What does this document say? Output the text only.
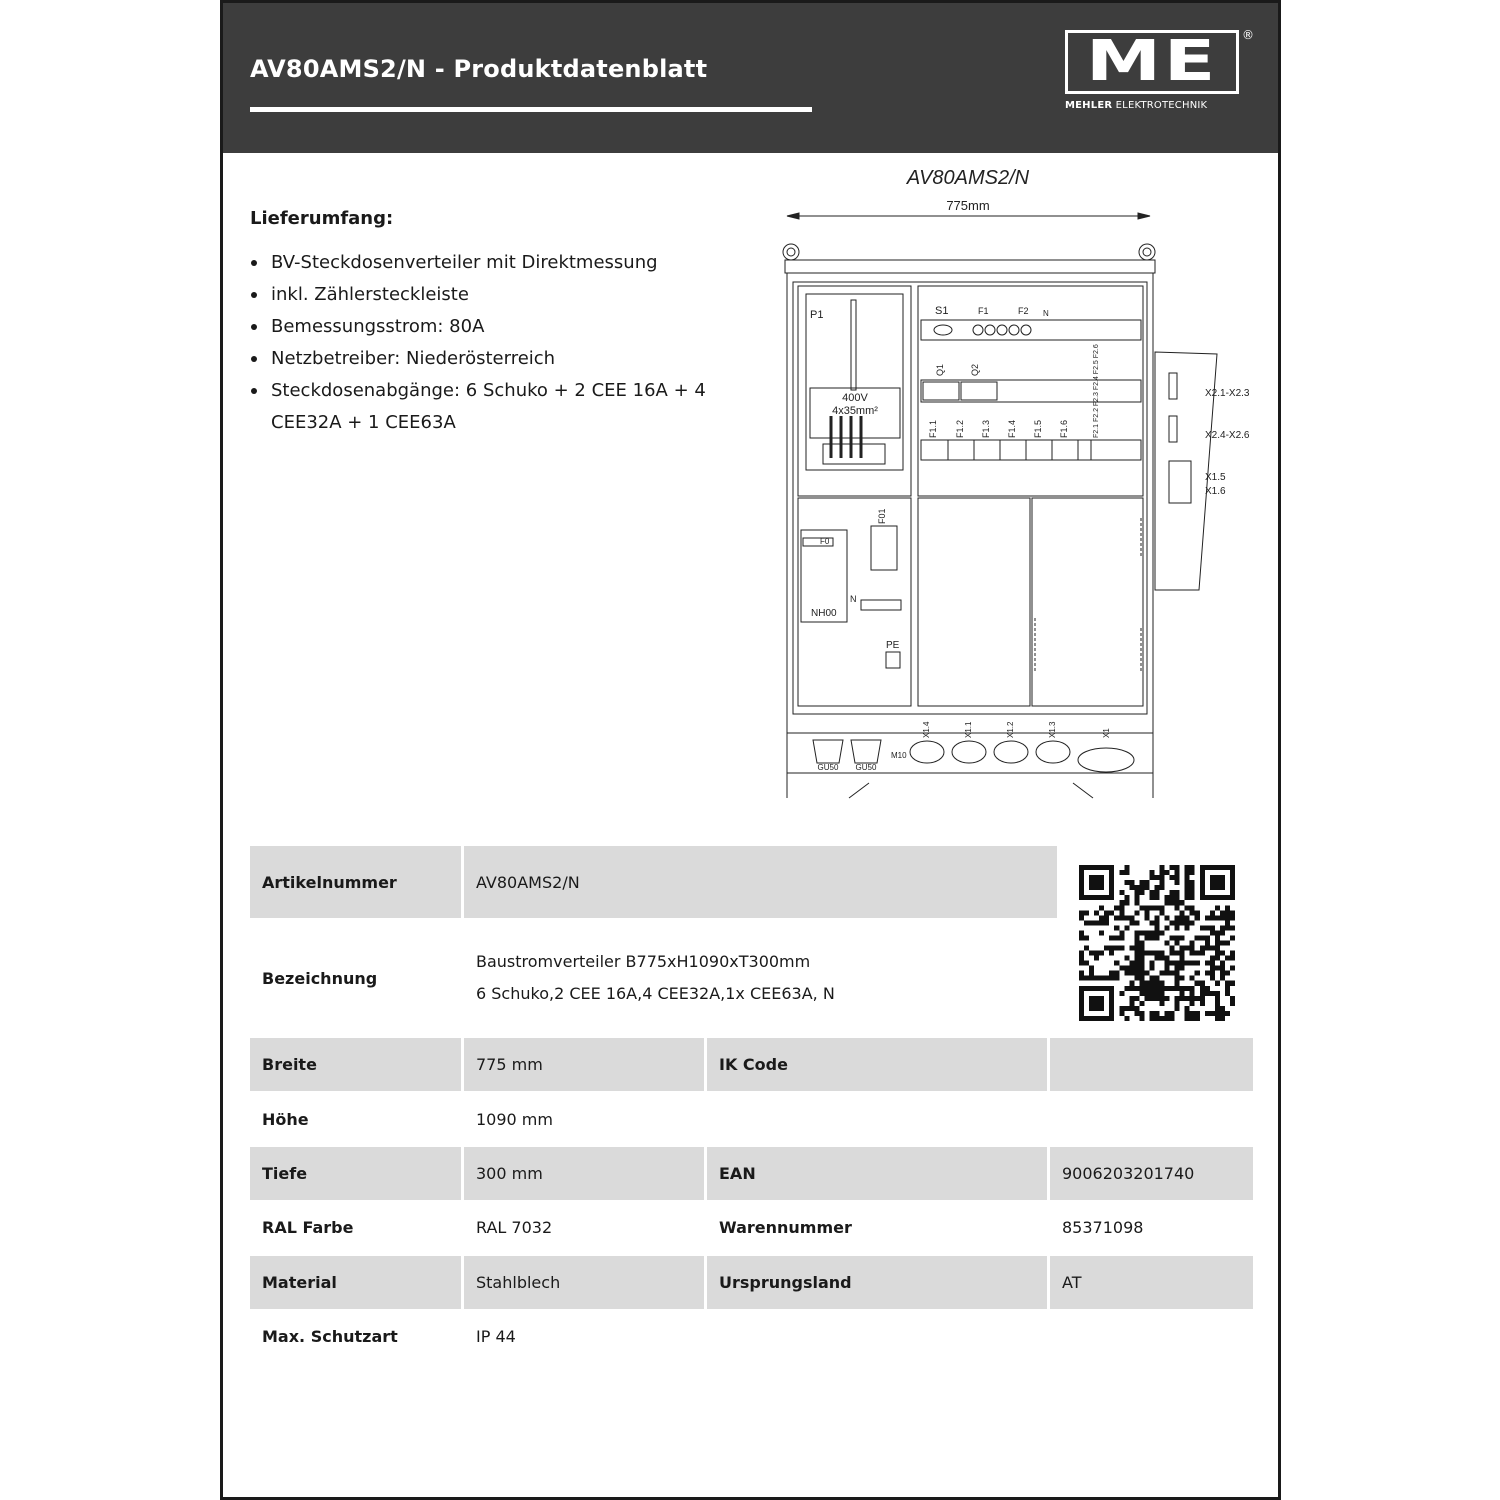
AV80AMS2/N - Produktdatenblatt	ME ®
MEHLER ELEKTROTECHNIK
Lieferumfang:
BV-Steckdosenverteiler mit Direktmessung
inkl. Zählersteckleiste
Bemessungsstrom: 80A
Netzbetreiber: Niederösterreich
Steckdosenabgänge: 6 Schuko + 2 CEE 16A + 4 CEE32A + 1 CEE63A
AV80AMS2/N
775mm
P1
400V
4x35mm²
S1	F1	F2 N
Q1	Q2
F1.1 F1.2 F1.3 F1.4 F1.5 F1.6	F2.1 F2.2 F2.3 F2.4 F2.5 F2.6	X2.1-X2.3
X2.4-X2.6
X1.5
X1.6
F0
NH00
F01
N
PE
GU50 GU50
M10
X1.4	X1.1	X1.2	X1.3	X1
Artikelnummer	AV80AMS2/N
Bezeichnung
Baustromverteiler B775xH1090xT300mm
6 Schuko,2 CEE 16A,4 CEE32A,1x CEE63A, N
Breite	775 mm	IK Code
Höhe	1090 mm
Tiefe	300 mm	EAN	9006203201740
RAL Farbe	RAL 7032	Warennummer	85371098
Material	Stahlblech	Ursprungsland	AT
Max. Schutzart	IP 44
